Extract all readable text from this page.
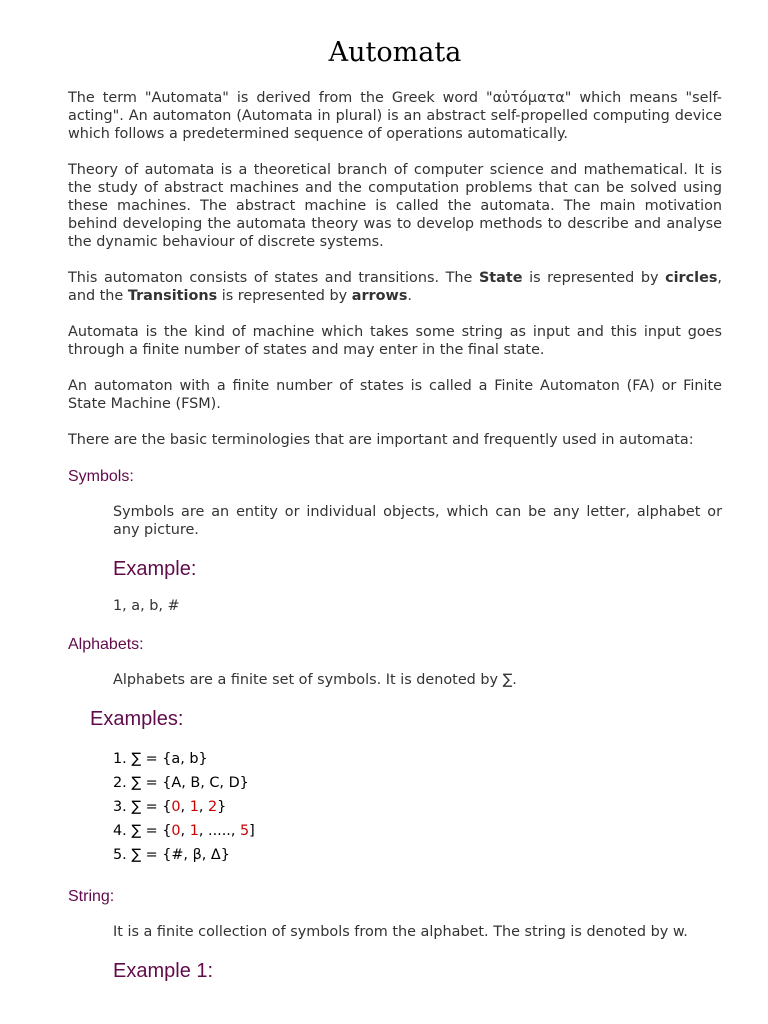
Automata

The term "Automata" is derived from the Greek word "αὐτόματα" which means "self-acting". An automaton (Automata in plural) is an abstract self-propelled computing device which follows a predetermined sequence of operations automatically.

Theory of automata is a theoretical branch of computer science and mathematical. It is the study of abstract machines and the computation problems that can be solved using these machines. The abstract machine is called the automata. The main motivation behind developing the automata theory was to develop methods to describe and analyse the dynamic behaviour of discrete systems.

This automaton consists of states and transitions. The State is represented by circles, and the Transitions is represented by arrows.

Automata is the kind of machine which takes some string as input and this input goes through a finite number of states and may enter in the final state.

An automaton with a finite number of states is called a Finite Automaton (FA) or Finite State Machine (FSM).

There are the basic terminologies that are important and frequently used in automata:

Symbols:

Symbols are an entity or individual objects, which can be any letter, alphabet or any picture.

Example:
1, a, b, #
Alphabets:

Alphabets are a finite set of symbols. It is denoted by ∑.

Examples:
1. ∑ = {a, b}
2. ∑ = {A, B, C, D}
3. ∑ = {0, 1, 2}
4. ∑ = {0, 1, ....., 5]
5. ∑ = {#, β, Δ}
String:

It is a finite collection of symbols from the alphabet. The string is denoted by w.

Example 1:
